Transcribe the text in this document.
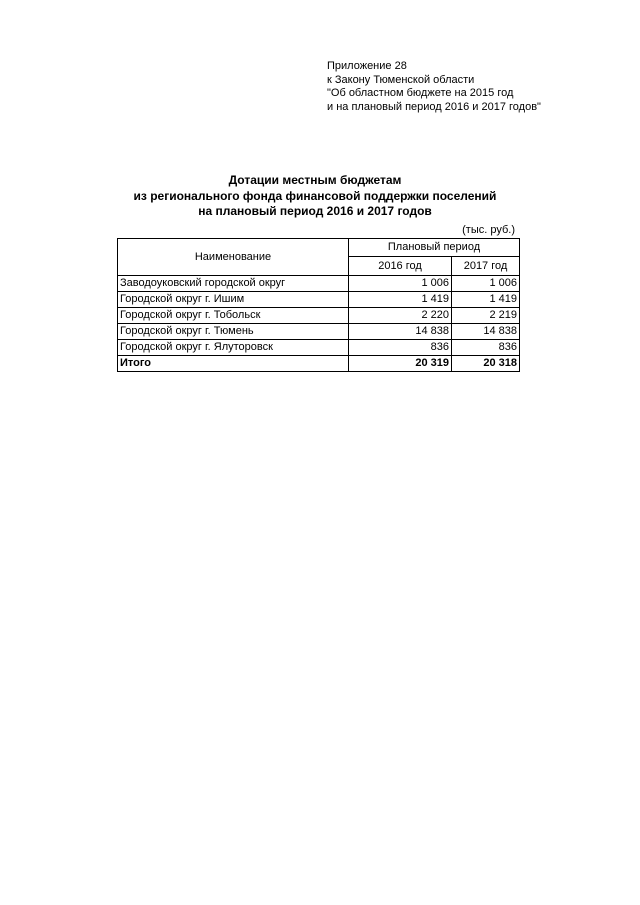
Приложение 28
к Закону Тюменской области
"Об областном бюджете на 2015 год
и на плановый период 2016 и 2017 годов"
Дотации местным бюджетам
из регионального фонда финансовой поддержки поселений
на плановый период 2016 и 2017 годов
(тыс. руб.)
Наименование	Плановый период	
	2016 год	2017 год
Заводоуковский городской округ	1 006	1 006
Городской округ г. Ишим	1 419	1 419
Городской округ г. Тобольск	2 220	2 219
Городской округ г. Тюмень	14 838	14 838
Городской округ г. Ялуторовск	836	836
Итого	20 319	20 318
